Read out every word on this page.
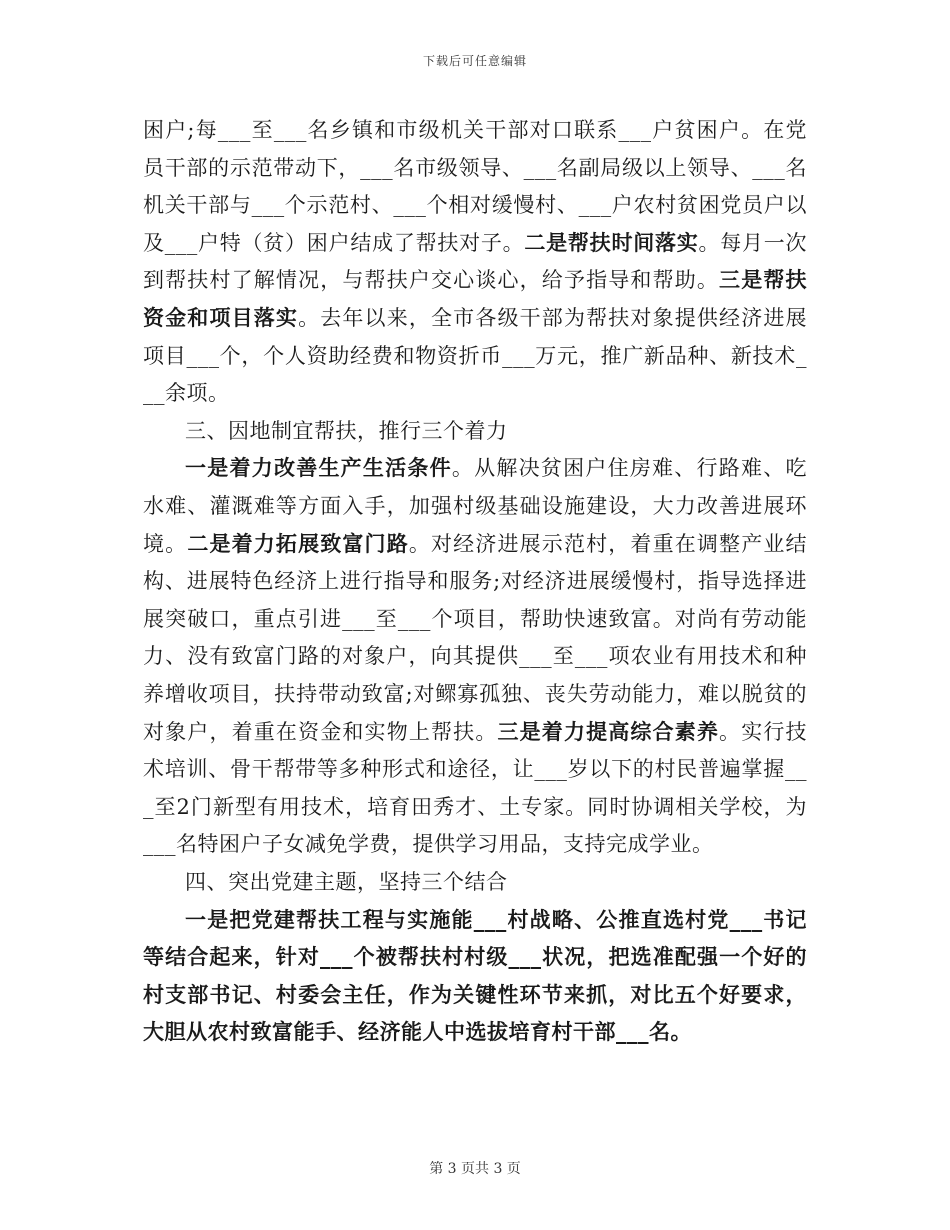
下载后可任意编辑
困户;每___至___名乡镇和市级机关干部对口联系___户贫困户。在党
员干部的示范带动下，___名市级领导、___名副局级以上领导、___名
机关干部与___个示范村、___个相对缓慢村、___户农村贫困党员户以
及___户特（贫）困户结成了帮扶对子。二是帮扶时间落实。每月一次
到帮扶村了解情况，与帮扶户交心谈心，给予指导和帮助。三是帮扶
资金和项目落实。去年以来，全市各级干部为帮扶对象提供经济进展
项目___个，个人资助经费和物资折币___万元，推广新品种、新技术_
__余项。
三、因地制宜帮扶，推行三个着力
一是着力改善生产生活条件。从解决贫困户住房难、行路难、吃
水难、灌溉难等方面入手，加强村级基础设施建设，大力改善进展环
境。二是着力拓展致富门路。对经济进展示范村，着重在调整产业结
构、进展特色经济上进行指导和服务;对经济进展缓慢村，指导选择进
展突破口，重点引进___至___个项目，帮助快速致富。对尚有劳动能
力、没有致富门路的对象户，向其提供___至___项农业有用技术和种
养增收项目，扶持带动致富;对鳏寡孤独、丧失劳动能力，难以脱贫的
对象户，着重在资金和实物上帮扶。三是着力提高综合素养。实行技
术培训、骨干帮带等多种形式和途径，让___岁以下的村民普遍掌握__
_至2门新型有用技术，培育田秀才、土专家。同时协调相关学校，为
___名特困户子女减免学费，提供学习用品，支持完成学业。
四、突出党建主题，坚持三个结合
一是把党建帮扶工程与实施能___村战略、公推直选村党___书记
等结合起来，针对___个被帮扶村村级___状况，把选准配强一个好的
村支部书记、村委会主任，作为关键性环节来抓，对比五个好要求，
大胆从农村致富能手、经济能人中选拔培育村干部___名。
第 3 页共 3 页
